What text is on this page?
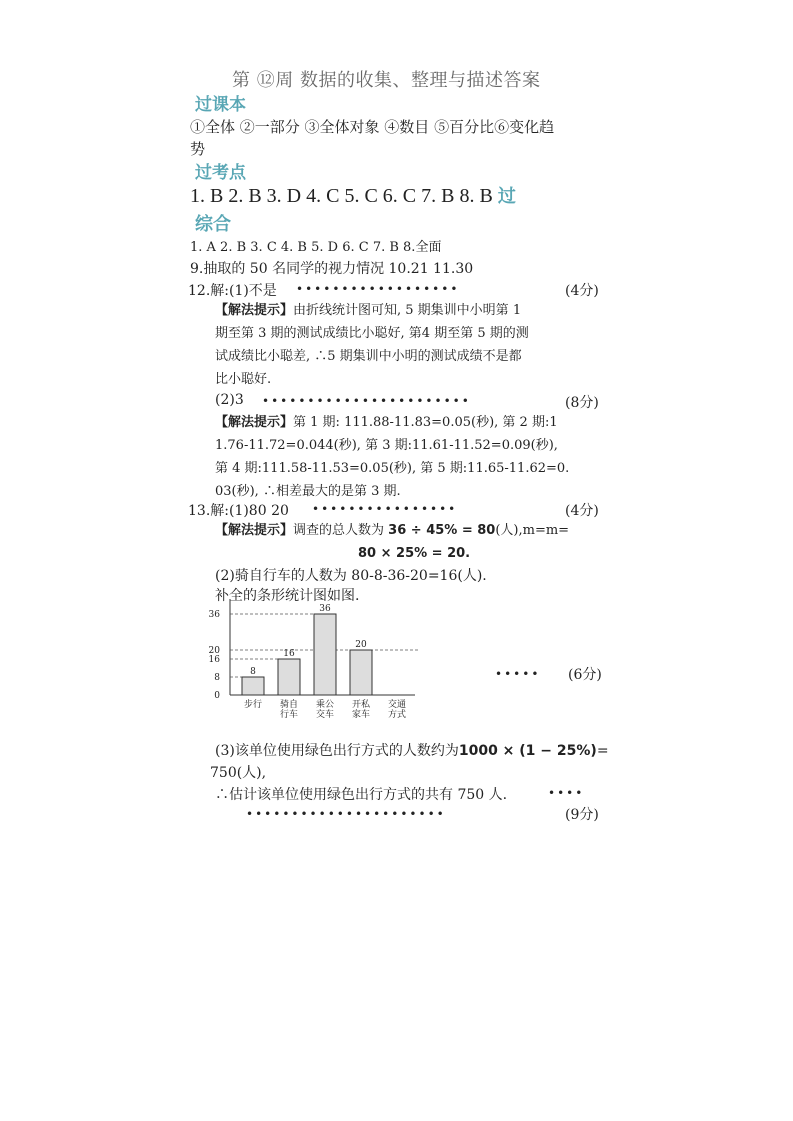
第 ⑫周 数据的收集、整理与描述答案
过课本
①全体 ②一部分 ③全体对象 ④数目 ⑤百分比⑥变化趋
势
过考点
1. B 2. B 3. D 4. C 5. C 6. C 7. B 8. B 过
综合
1. A 2. B 3. C 4. B 5. D 6. C 7. B 8.全面
9.抽取的 50 名同学的视力情况 10.21 11.30
12.解:(1)不是 ••••••••••••••••••	(4分)
【解法提示】由折线统计图可知, 5 期集训中小明第 1
期至第 3 期的测试成绩比小聪好, 第4 期至第 5 期的测
试成绩比小聪差, ∴5 期集训中小明的测试成绩不是都
比小聪好.
(2)3 •••••••••••••••••••••••	(8分)
【解法提示】第 1 期: 111.88-11.83=0.05(秒), 第 2 期:1
1.76-11.72=0.044(秒), 第 3 期:11.61-11.52=0.09(秒),
第 4 期:111.58-11.53=0.05(秒), 第 5 期:11.65-11.62=0.
03(秒), ∴相差最大的是第 3 期.
13.解:(1)80 20 ••••••••••••••••	(4分)
【解法提示】调查的总人数为 36 ÷ 45% = 80(人),m=m=
80 × 25% = 20.
(2)骑自行车的人数为 80-8-36-20=16(人).
补全的条形统计图如图.
0
8
16
20
36
8
步行
16
骑自
行车
36
乘公
交车
20
开私
家车
交通
方式
••••• (6分)
(3)该单位使用绿色出行方式的人数约为1000 × (1 − 25%)=
750(人),
∴估计该单位使用绿色出行方式的共有 750 人.	••••
••••••••••••••••••••••	(9分)
